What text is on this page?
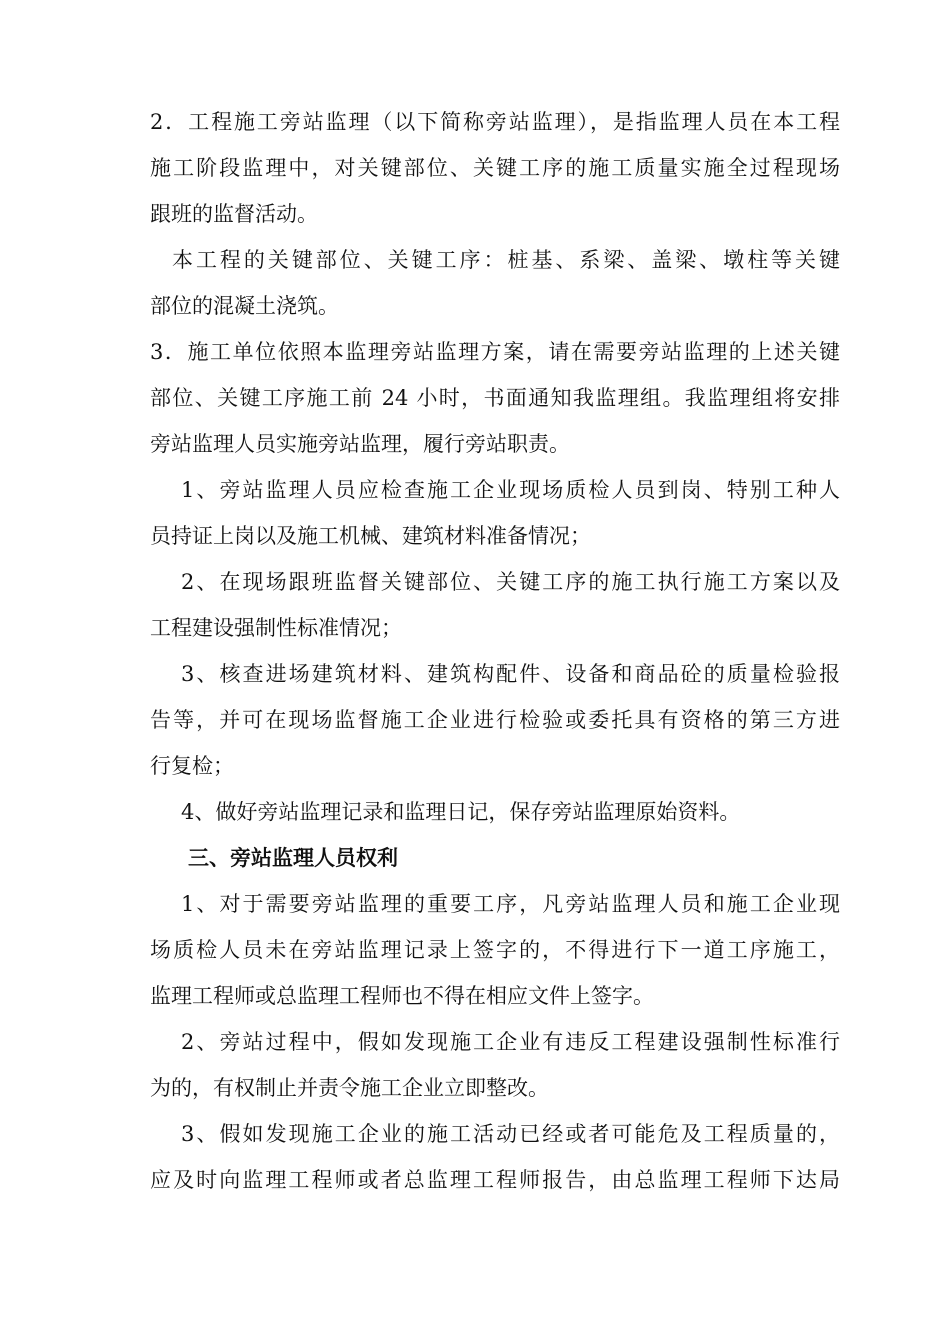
2．工程施工旁站监理（以下简称旁站监理），是指监理人员在本工程
施工阶段监理中，对关键部位、关键工序的施工质量实施全过程现场
跟班的监督活动。
本工程的关键部位、关键工序：桩基、系梁、盖梁、墩柱等关键
部位的混凝土浇筑。
3．施工单位依照本监理旁站监理方案，请在需要旁站监理的上述关键
部位、关键工序施工前 24 小时，书面通知我监理组。我监理组将安排
旁站监理人员实施旁站监理，履行旁站职责。
1、旁站监理人员应检查施工企业现场质检人员到岗、特别工种人
员持证上岗以及施工机械、建筑材料准备情况；
2、在现场跟班监督关键部位、关键工序的施工执行施工方案以及
工程建设强制性标准情况；
3、核查进场建筑材料、建筑构配件、设备和商品砼的质量检验报
告等，并可在现场监督施工企业进行检验或委托具有资格的第三方进
行复检；
4、做好旁站监理记录和监理日记，保存旁站监理原始资料。
三、旁站监理人员权利
1、对于需要旁站监理的重要工序，凡旁站监理人员和施工企业现
场质检人员未在旁站监理记录上签字的，不得进行下一道工序施工，
监理工程师或总监理工程师也不得在相应文件上签字。
2、旁站过程中，假如发现施工企业有违反工程建设强制性标准行
为的，有权制止并责令施工企业立即整改。
3、假如发现施工企业的施工活动已经或者可能危及工程质量的，
应及时向监理工程师或者总监理工程师报告，由总监理工程师下达局
